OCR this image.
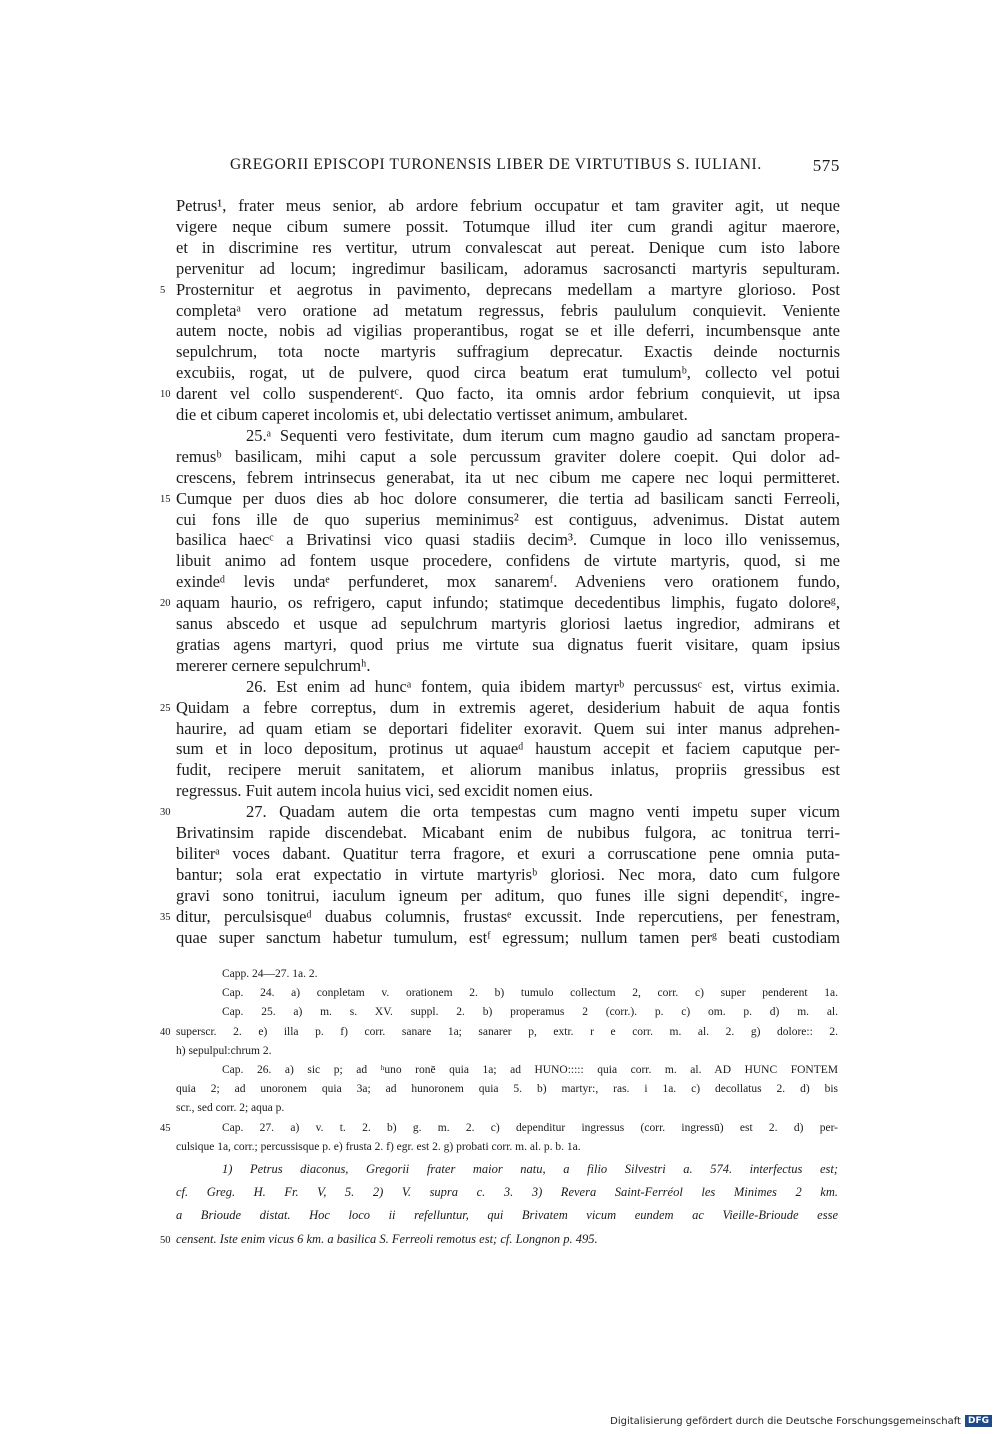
GREGORII EPISCOPI TURONENSIS LIBER DE VIRTUTIBUS S. IULIANI.	575
Petrus¹, frater meus senior, ab ardore febrium occupatur et tam graviter agit, ut neque
vigere neque cibum sumere possit. Totumque illud iter cum grandi agitur maerore,
et in discrimine res vertitur, utrum convalescat aut pereat. Denique cum isto labore
pervenitur ad locum; ingredimur basilicam, adoramus sacrosancti martyris sepulturam.
5 Prosternitur et aegrotus in pavimento, deprecans medellam a martyre glorioso. Post
completaᵃ vero oratione ad metatum regressus, febris paululum conquievit. Veniente
autem nocte, nobis ad vigilias properantibus, rogat se et ille deferri, incumbensque ante
sepulchrum, tota nocte martyris suffragium deprecatur. Exactis deinde nocturnis
excubiis, rogat, ut de pulvere, quod circa beatum erat tumulumᵇ, collecto vel potui
10 darent vel collo suspenderentᶜ. Quo facto, ita omnis ardor febrium conquievit, ut ipsa
die et cibum caperet incolomis et, ubi delectatio vertisset animum, ambularet.
25.ᵃ Sequenti vero festivitate, dum iterum cum magno gaudio ad sanctam propera-
remusᵇ basilicam, mihi caput a sole percussum graviter dolere coepit. Qui dolor ad-
crescens, febrem intrinsecus generabat, ita ut nec cibum me capere nec loqui permitteret.
15 Cumque per duos dies ab hoc dolore consumerer, die tertia ad basilicam sancti Ferreoli,
cui fons ille de quo superius meminimus² est contiguus, advenimus. Distat autem
basilica haecᶜ a Brivatinsi vico quasi stadiis decim³. Cumque in loco illo venissemus,
libuit animo ad fontem usque procedere, confidens de virtute martyris, quod, si me
exindeᵈ levis undaᵉ perfunderet, mox sanaremᶠ. Adveniens vero orationem fundo,
20 aquam haurio, os refrigero, caput infundo; statimque decedentibus limphis, fugato doloreᵍ,
sanus abscedo et usque ad sepulchrum martyris gloriosi laetus ingredior, admirans et
gratias agens martyri, quod prius me virtute sua dignatus fuerit visitare, quam ipsius
mererer cernere sepulchrumʰ.
26. Est enim ad huncᵃ fontem, quia ibidem martyrᵇ percussusᶜ est, virtus eximia.
25 Quidam a febre correptus, dum in extremis ageret, desiderium habuit de aqua fontis
haurire, ad quam etiam se deportari fideliter exoravit. Quem sui inter manus adprehen-
sum et in loco depositum, protinus ut aquaeᵈ haustum accepit et faciem caputque per-
fudit, recipere meruit sanitatem, et aliorum manibus inlatus, propriis gressibus est
regressus. Fuit autem incola huius vici, sed excidit nomen eius.
30	27. Quadam autem die orta tempestas cum magno venti impetu super vicum
Brivatinsim rapide discendebat. Micabant enim de nubibus fulgora, ac tonitrua terri-
biliterᵃ voces dabant. Quatitur terra fragore, et exuri a corruscatione pene omnia puta-
bantur; sola erat expectatio in virtute martyrisᵇ gloriosi. Nec mora, dato cum fulgore
gravi sono tonitrui, iaculum igneum per aditum, quo funes ille signi dependitᶜ, ingre-
35 ditur, perculsisqueᵈ duabus columnis, frustasᵉ excussit. Inde repercutiens, per fenestram,
quae super sanctum habetur tumulum, estᶠ egressum; nullum tamen perᵍ beati custodiam
Capp. 24—27. 1a. 2.
Cap. 24. a) conpletam v. orationem 2. b) tumulo collectum 2, corr. c) super penderent 1a.
Cap. 25. a) m. s. XV. suppl. 2. b) properamus 2 (corr.). p. c) om. p. d) m. al.
40 superscr. 2. e) illa p. f) corr. sanare 1a; sanarer p, extr. r e corr. m. al. 2. g) dolore:: 2.
h) sepulpul:chrum 2.
Cap. 26. a) sic p; ad ʰuno ronē quia 1a; ad HUNO::::: quia corr. m. al. AD HUNC FONTEM
quia 2; ad unoronem quia 3a; ad hunoronem quia 5. b) martyr:, ras. i 1a. c) decollatus 2. d) bis
scr., sed corr. 2; aqua p.
45	Cap. 27. a) v. t. 2. b) g. m. 2. c) dependitur ingressus (corr. ingressū) est 2. d) per-
culsique 1a, corr.; percussisque p. e) frusta 2. f) egr. est 2. g) probati corr. m. al. p. b. 1a.
1) Petrus diaconus, Gregorii frater maior natu, a filio Silvestri a. 574. interfectus est;
cf. Greg. H. Fr. V, 5. 2) V. supra c. 3. 3) Revera Saint-Ferréol les Minimes 2 km.
a Brioude distat. Hoc loco ii refelluntur, qui Brivatem vicum eundem ac Vieille-Brioude esse
50 censent. Iste enim vicus 6 km. a basilica S. Ferreoli remotus est; cf. Longnon p. 495.
Digitalisierung gefördert durch die Deutsche Forschungsgemeinschaft DFG
